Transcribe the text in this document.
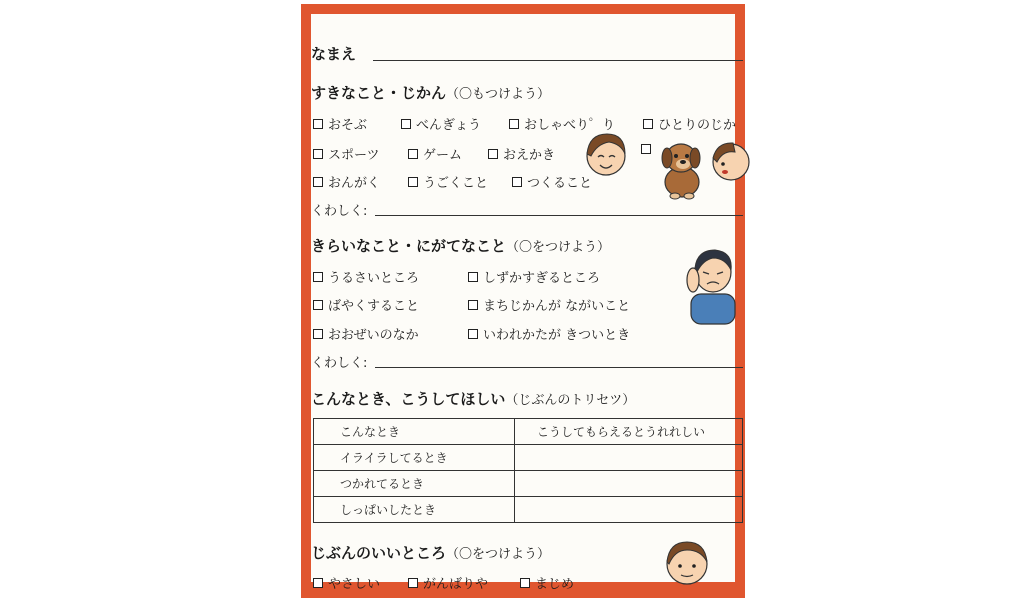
なまえ
すきなこと・じかん（〇もつけよう）
おそぶ	べんぎょう	おしゃべり゜り	ひとりのじか
スポーツ	ゲーム	おえかき
おんがく	うごくこと	つくること
くわしく:
きらいなこと・にがてなこと（〇をつけよう）
うるさいところ	しずかすぎるところ
ばやくすること	まちじかんが ながいこと
おおぜいのなか	いわれかたが きついとき
くわしく:
こんなとき、こうしてほしい（じぶんのトリセツ）
こんなとき	こうしてもらえるとうれれしい
イライラしてるとき	
つかれてるとき	
しっぱいしたとき	
じぶんのいいところ（〇をつけよう）
やさしい	がんばりや	まじめ
